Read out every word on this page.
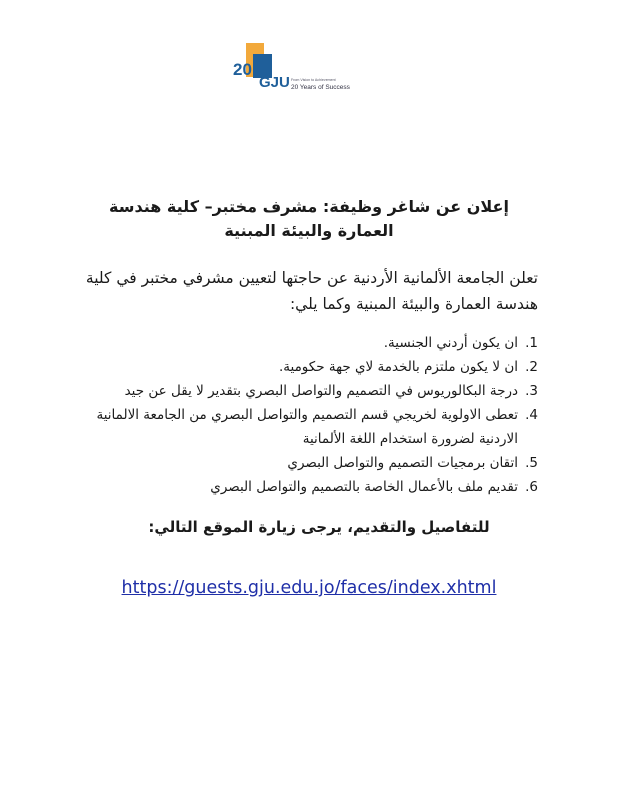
20
GJU From Vision to Achievement
20 Years of Success
إعلان عن شاغر وظيفة: مشرف مختبر– كلية هندسة العمارة والبيئة المبنية

تعلن الجامعة الألمانية الأردنية عن حاجتها لتعيين مشرفي مختبر في كلية هندسة العمارة والبيئة المبنية وكما يلي:

1.
ان يكون أردني الجنسية.
2.
ان لا يكون ملتزم بالخدمة لاي جهة حكومية.
3.
درجة البكالوريوس في التصميم والتواصل البصري بتقدير لا يقل عن جيد
4.
تعطى الاولوية لخريجي قسم التصميم والتواصل البصري من الجامعة الالمانية الاردنية لضرورة استخدام اللغة الألمانية
5.
اتقان برمجيات التصميم والتواصل البصري
6.
تقديم ملف بالأعمال الخاصة بالتصميم والتواصل البصري

للتفاصيل والتقديم، يرجى زيارة الموقع التالي:

https://guests.gju.edu.jo/faces/index.xhtml
